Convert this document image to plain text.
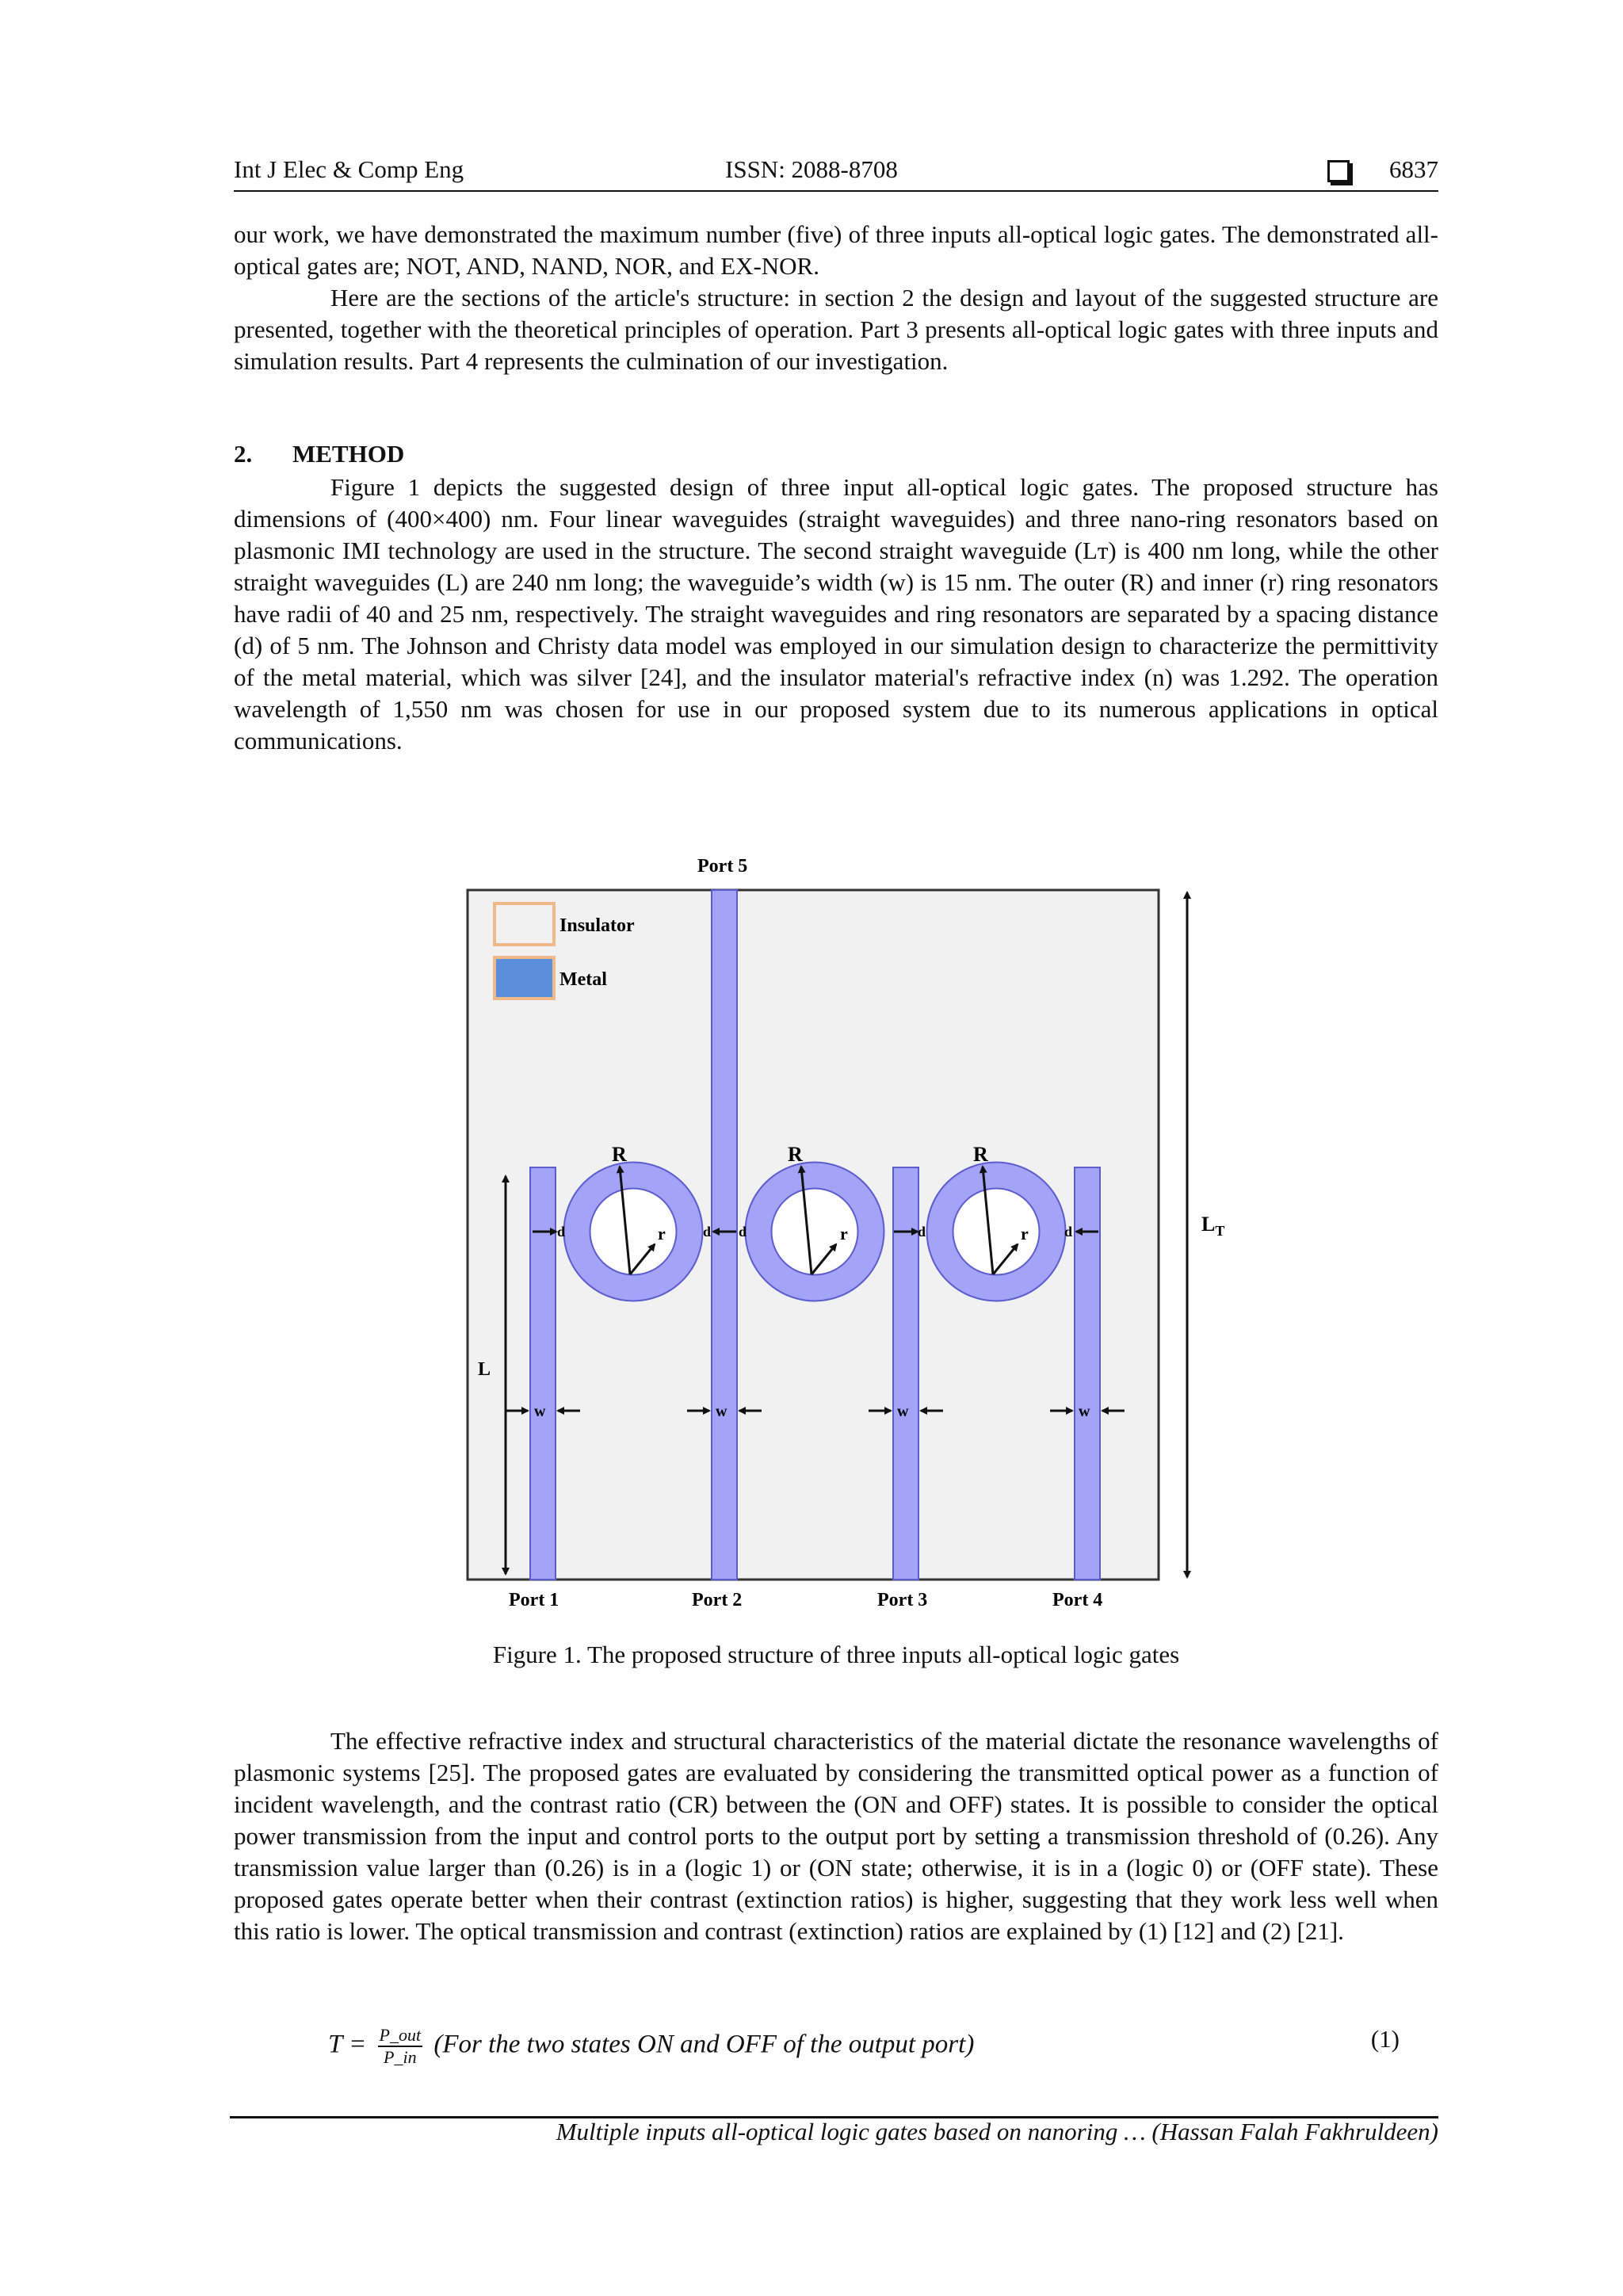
Int J Elec & Comp Eng	ISSN: 2088-8708	6837

our work, we have demonstrated the maximum number (five) of three inputs all-optical logic gates. The demonstrated all-optical gates are; NOT, AND, NAND, NOR, and EX-NOR.

Here are the sections of the article's structure: in section 2 the design and layout of the suggested structure are presented, together with the theoretical principles of operation. Part 3 presents all-optical logic gates with three inputs and simulation results. Part 4 represents the culmination of our investigation.

2. METHOD

Figure 1 depicts the suggested design of three input all-optical logic gates. The proposed structure has dimensions of (400×400) nm. Four linear waveguides (straight waveguides) and three nano-ring resonators based on plasmonic IMI technology are used in the structure. The second straight waveguide (Lᴛ) is 400 nm long, while the other straight waveguides (L) are 240 nm long; the waveguide’s width (w) is 15 nm. The outer (R) and inner (r) ring resonators have radii of 40 and 25 nm, respectively. The straight waveguides and ring resonators are separated by a spacing distance (d) of 5 nm. The Johnson and Christy data model was employed in our simulation design to characterize the permittivity of the metal material, which was silver [24], and the insulator material's refractive index (n) was 1.292. The operation wavelength of 1,550 nm was chosen for use in our proposed system due to its numerous applications in optical communications.

Insulator
Metal
R
r
R
r
R
r
d	d d	d	d
w	w	w	w
L
$L_T$
Port 5
Port 1	Port 2	Port 3	Port 4
Figure 1. The proposed structure of three inputs all-optical logic gates

The effective refractive index and structural characteristics of the material dictate the resonance wavelengths of plasmonic systems [25]. The proposed gates are evaluated by considering the transmitted optical power as a function of incident wavelength, and the contrast ratio (CR) between the (ON and OFF) states. It is possible to consider the optical power transmission from the input and control ports to the output port by setting a transmission threshold of (0.26). Any transmission value larger than (0.26) is in a (logic 1) or (ON state; otherwise, it is in a (logic 0) or (OFF state). These proposed gates operate better when their contrast (extinction ratios) is higher, suggesting that they work less well when this ratio is lower. The optical transmission and contrast (extinction) ratios are explained by (1) [12] and (2) [21].

$T = \frac{\text{P\_out}}{P\_in} (For$ the two states ON and OFF of the output port)	(1)
Multiple inputs all-optical logic gates based on nanoring … (Hassan Falah Fakhruldeen)
